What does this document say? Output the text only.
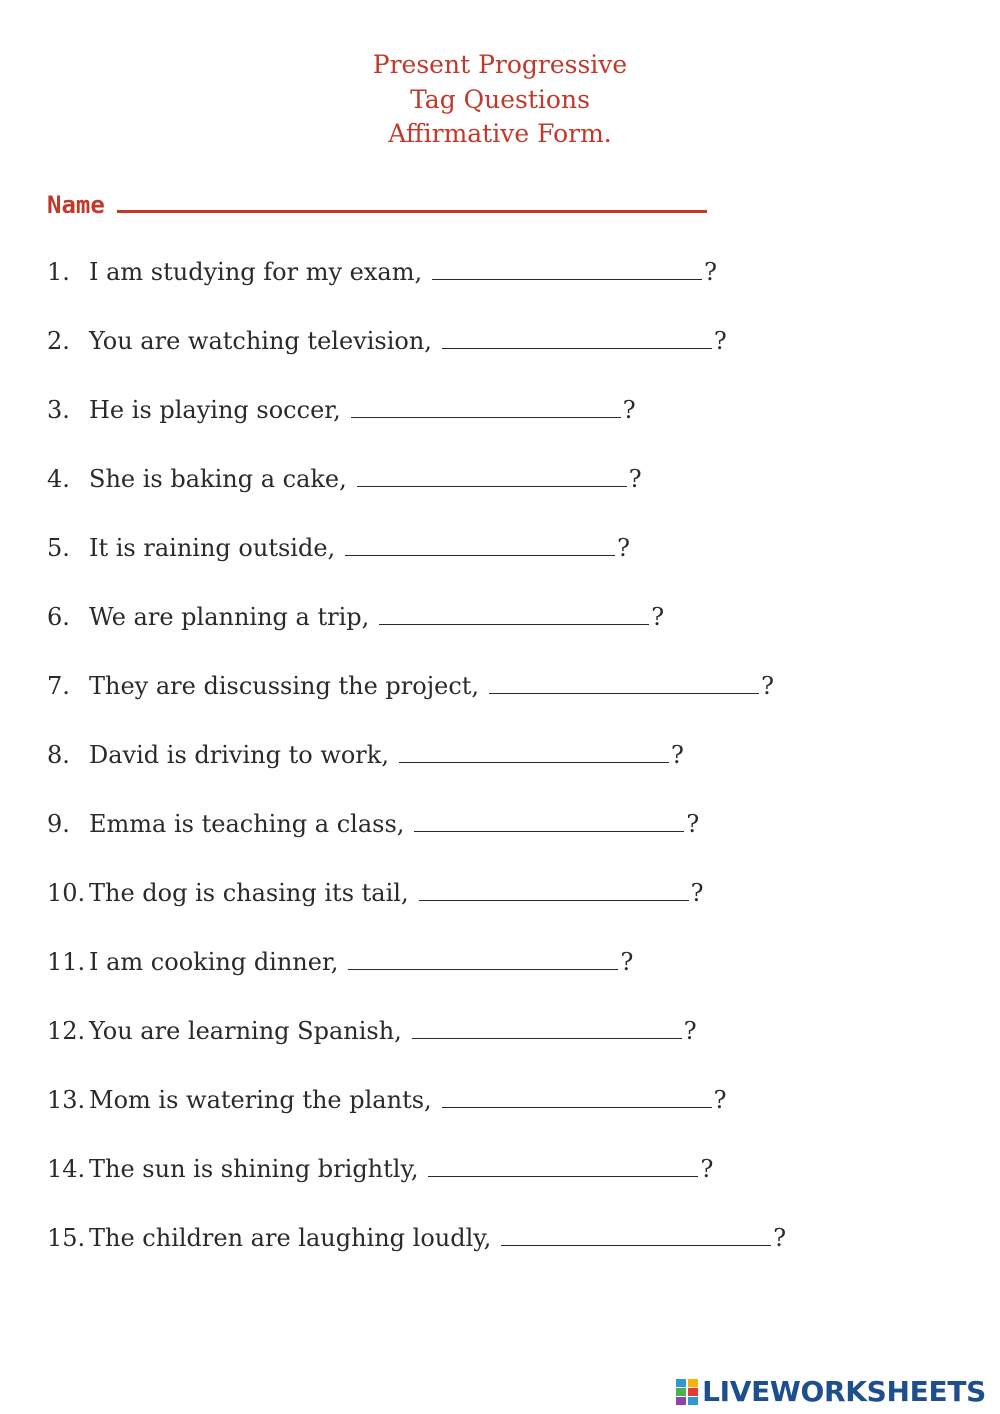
Present Progressive
Tag Questions
Affirmative Form.
Name
1. I am studying for my exam,	?
2. You are watching television,	?
3. He is playing soccer,	?
4. She is baking a cake,	?
5. It is raining outside,	?
6. We are planning a trip,	?
7. They are discussing the project,	?
8. David is driving to work,	?
9. Emma is teaching a class,	?
10. The dog is chasing its tail,	?
11. I am cooking dinner,	?
12. You are learning Spanish,	?
13. Mom is watering the plants,	?
14. The sun is shining brightly,	?
15. The children are laughing loudly,	?
LIVEWORKSHEETS
